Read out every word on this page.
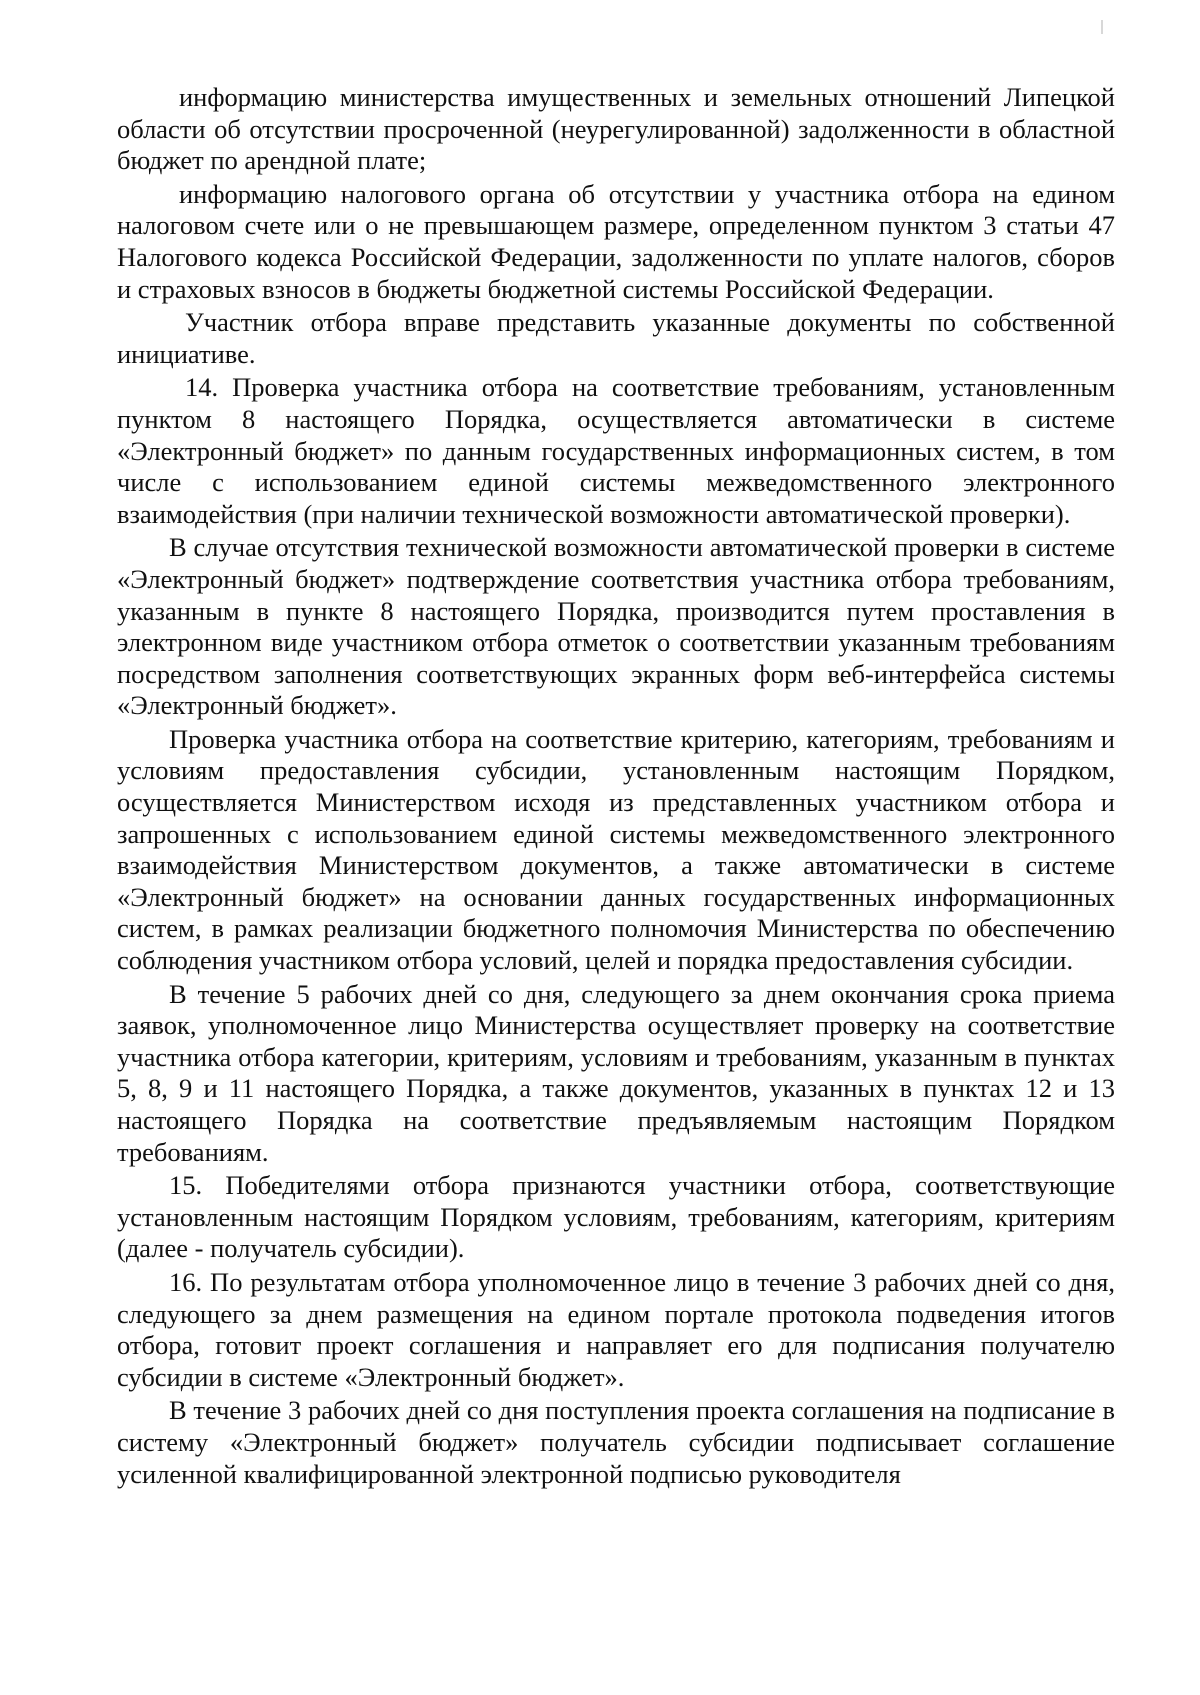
информацию министерства имущественных и земельных отношений Липецкой области об отсутствии просроченной (неурегулированной) задолженности в областной бюджет по арендной плате;

информацию налогового органа об отсутствии у участника отбора на едином налоговом счете или о не превышающем размере, определенном пунктом 3 статьи 47 Налогового кодекса Российской Федерации, задолженности по уплате налогов, сборов и страховых взносов в бюджеты бюджетной системы Российской Федерации.

Участник отбора вправе представить указанные документы по собственной инициативе.

14. Проверка участника отбора на соответствие требованиям, установленным пунктом 8 настоящего Порядка, осуществляется автоматически в системе «Электронный бюджет» по данным государственных информационных систем, в том числе с использованием единой системы межведомственного электронного взаимодействия (при наличии технической возможности автоматической проверки).

В случае отсутствия технической возможности автоматической проверки в системе «Электронный бюджет» подтверждение соответствия участника отбора требованиям, указанным в пункте 8 настоящего Порядка, производится путем проставления в электронном виде участником отбора отметок о соответствии указанным требованиям посредством заполнения соответствующих экранных форм веб-интерфейса системы «Электронный бюджет».

Проверка участника отбора на соответствие критерию, категориям, требованиям и условиям предоставления субсидии, установленным настоящим Порядком, осуществляется Министерством исходя из представленных участником отбора и запрошенных с использованием единой системы межведомственного электронного взаимодействия Министерством документов, а также автоматически в системе «Электронный бюджет» на основании данных государственных информационных систем, в рамках реализации бюджетного полномочия Министерства по обеспечению соблюдения участником отбора условий, целей и порядка предоставления субсидии.

В течение 5 рабочих дней со дня, следующего за днем окончания срока приема заявок, уполномоченное лицо Министерства осуществляет проверку на соответствие участника отбора категории, критериям, условиям и требованиям, указанным в пунктах 5, 8, 9 и 11 настоящего Порядка, а также документов, указанных в пунктах 12 и 13 настоящего Порядка на соответствие предъявляемым настоящим Порядком требованиям.

15. Победителями отбора признаются участники отбора, соответствующие установленным настоящим Порядком условиям, требованиям, категориям, критериям (далее - получатель субсидии).

16. По результатам отбора уполномоченное лицо в течение 3 рабочих дней со дня, следующего за днем размещения на едином портале протокола подведения итогов отбора, готовит проект соглашения и направляет его для подписания получателю субсидии в системе «Электронный бюджет».

В течение 3 рабочих дней со дня поступления проекта соглашения на подписание в систему «Электронный бюджет» получатель субсидии подписывает соглашение усиленной квалифицированной электронной подписью руководителя
